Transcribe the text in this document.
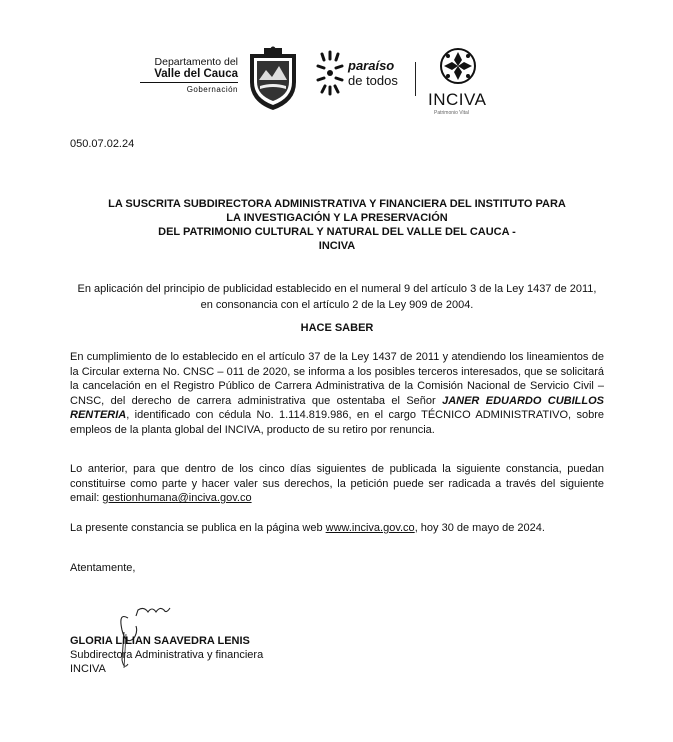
Departamento del
Valle del Cauca
Gobernación
paraíso
de todos
INCIVA
Patrimonio Vital
050.07.02.24
LA SUSCRITA SUBDIRECTORA ADMINISTRATIVA Y FINANCIERA DEL INSTITUTO PARA
LA INVESTIGACIÓN Y LA PRESERVACIÓN
DEL PATRIMONIO CULTURAL Y NATURAL DEL VALLE DEL CAUCA -
INCIVA
En aplicación del principio de publicidad establecido en el numeral 9 del artículo 3 de la Ley 1437 de 2011, en consonancia con el artículo 2 de la Ley 909 de 2004.
HACE SABER
En cumplimiento de lo establecido en el artículo 37 de la Ley 1437 de 2011 y atendiendo los lineamientos de la Circular externa No. CNSC – 011 de 2020, se informa a los posibles terceros interesados, que se solicitará la cancelación en el Registro Público de Carrera Administrativa de la Comisión Nacional de Servicio Civil – CNSC, del derecho de carrera administrativa que ostentaba el Señor JANER EDUARDO CUBILLOS RENTERIA, identificado con cédula No. 1.114.819.986, en el cargo TÉCNICO ADMINISTRATIVO, sobre empleos de la planta global del INCIVA, producto de su retiro por renuncia.
Lo anterior, para que dentro de los cinco días siguientes de publicada la siguiente constancia, puedan constituirse como parte y hacer valer sus derechos, la petición puede ser radicada a través del siguiente email: gestionhumana@inciva.gov.co
La presente constancia se publica en la página web www.inciva.gov.co, hoy 30 de mayo de 2024.
Atentamente,
GLORIA LILIAN SAAVEDRA LENIS
Subdirectora Administrativa y financiera
INCIVA
